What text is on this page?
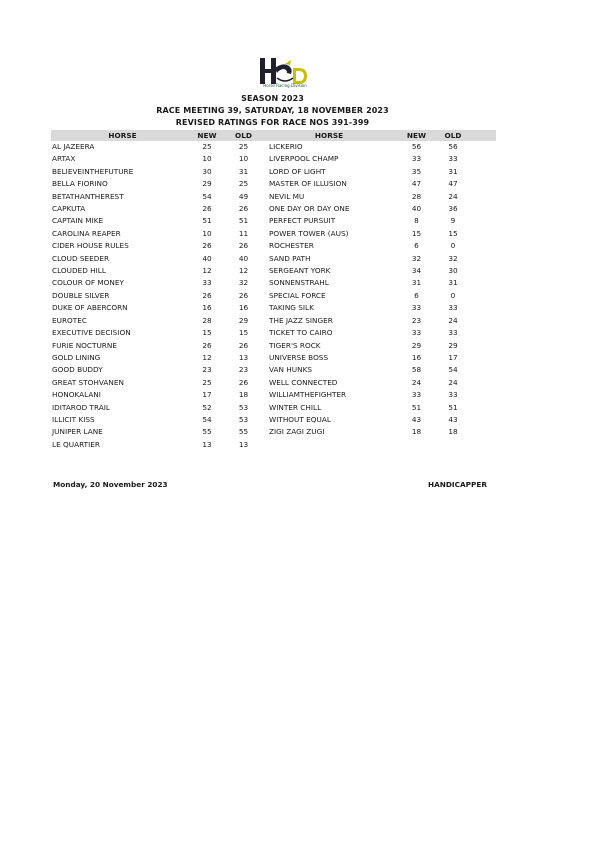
Horse Racing Division
SEASON 2023
RACE MEETING 39, SATURDAY, 18 NOVEMBER 2023
REVISED RATINGS FOR RACE NOS 391-399
HORSE	NEW	OLD	HORSE	NEW	OLD	
AL JAZEERA	25	25	LICKERIO	56	56	
ARTAX	10	10	LIVERPOOL CHAMP	33	33	
BELIEVEINTHEFUTURE	30	31	LORD OF LIGHT	35	31	
BELLA FIORINO	29	25	MASTER OF ILLUSION	47	47	
BETATHANTHEREST	54	49	NEVIL MU	28	24	
CAPKUTA	26	26	ONE DAY OR DAY ONE	40	36	
CAPTAIN MIKE	51	51	PERFECT PURSUIT	8	9	
CAROLINA REAPER	10	11	POWER TOWER (AUS)	15	15	
CIDER HOUSE RULES	26	26	ROCHESTER	6	0	
CLOUD SEEDER	40	40	SAND PATH	32	32	
CLOUDED HILL	12	12	SERGEANT YORK	34	30	
COLOUR OF MONEY	33	32	SONNENSTRAHL	31	31	
DOUBLE SILVER	26	26	SPECIAL FORCE	6	0	
DUKE OF ABERCORN	16	16	TAKING SILK	33	33	
EUROTEC	28	29	THE JAZZ SINGER	23	24	
EXECUTIVE DECISION	15	15	TICKET TO CAIRO	33	33	
FURIE NOCTURNE	26	26	TIGER'S ROCK	29	29	
GOLD LINING	12	13	UNIVERSE BOSS	16	17	
GOOD BUDDY	23	23	VAN HUNKS	58	54	
GREAT STOHVANEN	25	26	WELL CONNECTED	24	24	
HONOKALANI	17	18	WILLIAMTHEFIGHTER	33	33	
IDITAROD TRAIL	52	53	WINTER CHILL	51	51	
ILLICIT KISS	54	53	WITHOUT EQUAL	43	43	
JUNIPER LANE	55	55	ZIGI ZAGI ZUGI	18	18	
LE QUARTIER	13	13				
Monday, 20 November 2023	HANDICAPPER
